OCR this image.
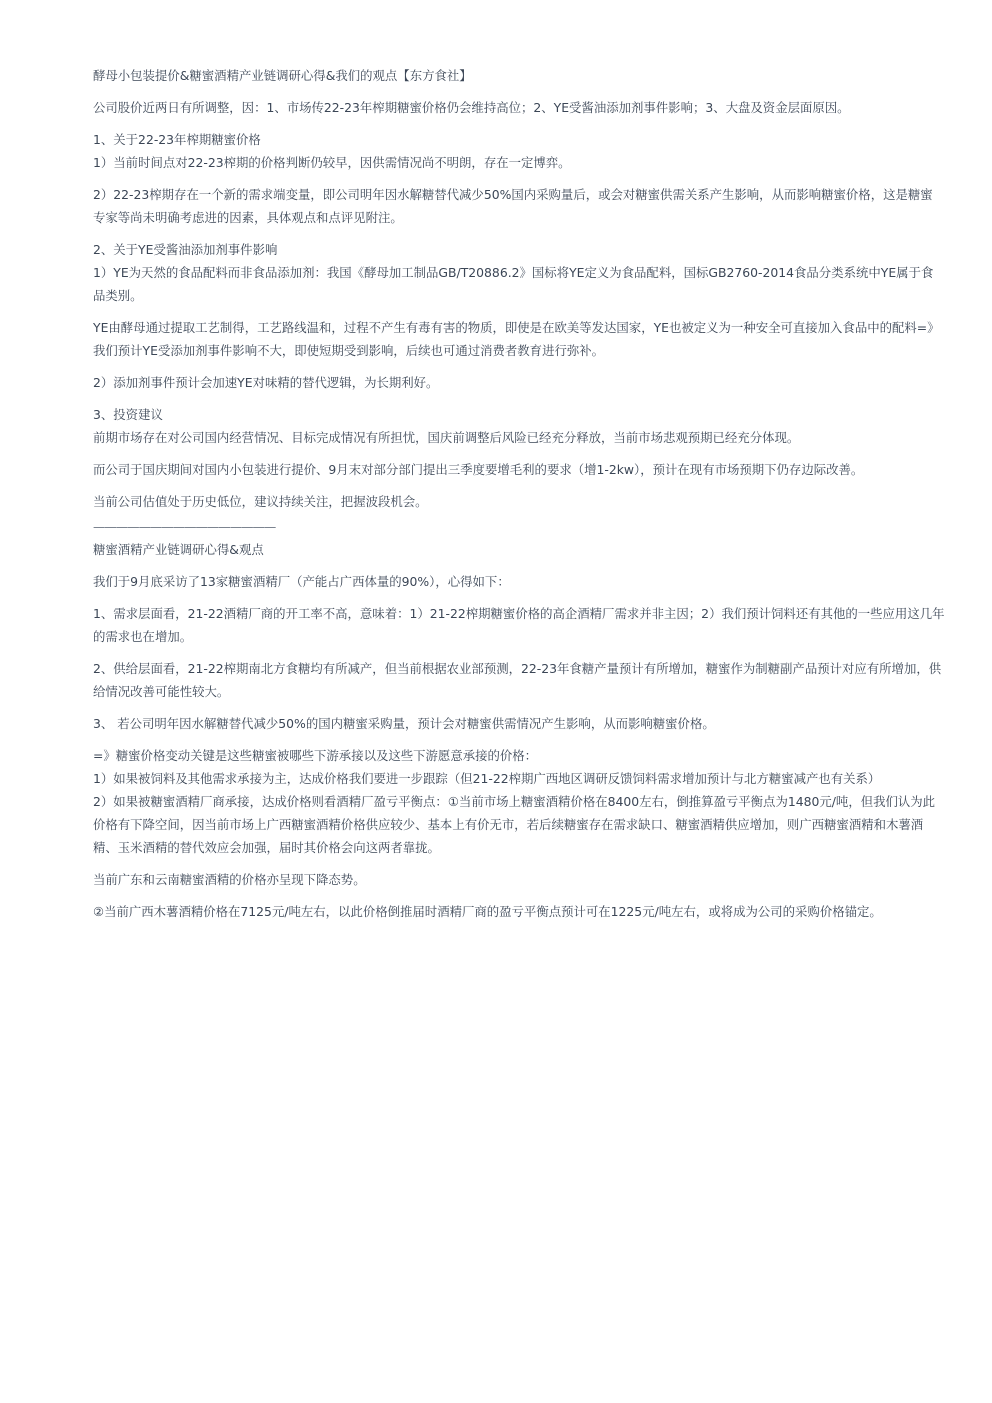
酵母小包装提价&糖蜜酒精产业链调研心得&我们的观点【东方食社】

公司股价近两日有所调整，因：1、市场传22-23年榨期糖蜜价格仍会维持高位；2、YE受酱油添加剂事件影响；3、大盘及资金层面原因。

1、关于22-23年榨期糖蜜价格

1）当前时间点对22-23榨期的价格判断仍较早，因供需情况尚不明朗，存在一定博弈。

2）22-23榨期存在一个新的需求端变量，即公司明年因水解糖替代减少50%国内采购量后，或会对糖蜜供需关系产生影响，从而影响糖蜜价格，这是糖蜜专家等尚未明确考虑进的因素，具体观点和点评见附注。

2、关于YE受酱油添加剂事件影响

1）YE为天然的食品配料而非食品添加剂：我国《酵母加工制品GB/T20886.2》国标将YE定义为食品配料，国标GB2760-2014食品分类系统中YE属于食品类别。

YE由酵母通过提取工艺制得，工艺路线温和，过程不产生有毒有害的物质，即使是在欧美等发达国家，YE也被定义为一种安全可直接加入食品中的配料=》我们预计YE受添加剂事件影响不大，即使短期受到影响，后续也可通过消费者教育进行弥补。

2）添加剂事件预计会加速YE对味精的替代逻辑，为长期利好。

3、投资建议

前期市场存在对公司国内经营情况、目标完成情况有所担忧，国庆前调整后风险已经充分释放，当前市场悲观预期已经充分体现。

而公司于国庆期间对国内小包装进行提价、9月末对部分部门提出三季度要增毛利的要求（增1-2kw），预计在现有市场预期下仍存边际改善。

当前公司估值处于历史低位，建议持续关注，把握波段机会。

————————————————

糖蜜酒精产业链调研心得&观点

我们于9月底采访了13家糖蜜酒精厂（产能占广西体量的90%），心得如下：

1、需求层面看，21-22酒精厂商的开工率不高，意味着：1）21-22榨期糖蜜价格的高企酒精厂需求并非主因；2）我们预计饲料还有其他的一些应用这几年的需求也在增加。

2、供给层面看，21-22榨期南北方食糖均有所减产，但当前根据农业部预测，22-23年食糖产量预计有所增加，糖蜜作为制糖副产品预计对应有所增加，供给情况改善可能性较大。

3、 若公司明年因水解糖替代减少50%的国内糖蜜采购量，预计会对糖蜜供需情况产生影响，从而影响糖蜜价格。

=》糖蜜价格变动关键是这些糖蜜被哪些下游承接以及这些下游愿意承接的价格：

1）如果被饲料及其他需求承接为主，达成价格我们要进一步跟踪（但21-22榨期广西地区调研反馈饲料需求增加预计与北方糖蜜减产也有关系）

2）如果被糖蜜酒精厂商承接，达成价格则看酒精厂盈亏平衡点：①当前市场上糖蜜酒精价格在8400左右，倒推算盈亏平衡点为1480元/吨，但我们认为此价格有下降空间，因当前市场上广西糖蜜酒精价格供应较少、基本上有价无市，若后续糖蜜存在需求缺口、糖蜜酒精供应增加，则广西糖蜜酒精和木薯酒精、玉米酒精的替代效应会加强，届时其价格会向这两者靠拢。

当前广东和云南糖蜜酒精的价格亦呈现下降态势。

②当前广西木薯酒精价格在7125元/吨左右，以此价格倒推届时酒精厂商的盈亏平衡点预计可在1225元/吨左右，或将成为公司的采购价格锚定。
